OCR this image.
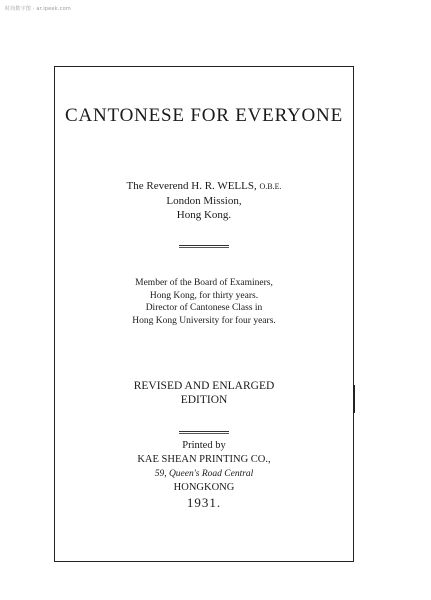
时尚数字图 · ar.ipeek.com
CANTONESE FOR EVERYONE
The Reverend H. R. WELLS, O.B.E.
London Mission,
Hong Kong.
Member of the Board of Examiners,
Hong Kong, for thirty years.
Director of Cantonese Class in
Hong Kong University for four years.
REVISED AND ENLARGED
EDITION
Printed by
KAE SHEAN PRINTING CO.,
59, Queen's Road Central
HONGKONG
1931.
